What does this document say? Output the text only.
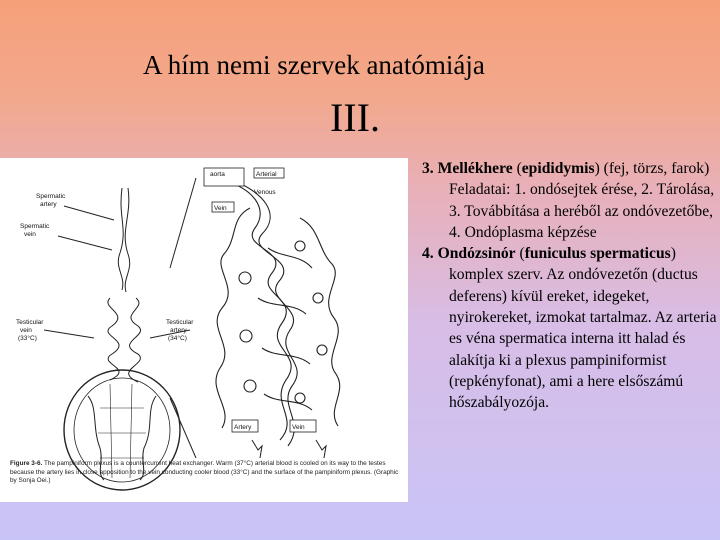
A hím nemi szervek anatómiája
III.
aorta	Arterial
Venous
Vein
Artery	Vein
Spermatic
artery
Spermatic
vein
Testicular
vein
(33°C)
Testicular
artery
(34°C)
Figure 3-6. The pampiniform plexus is a countercurrent heat exchanger. Warm (37°C) arterial blood is cooled on its way to the testes because the artery lies in close apposition to the vein conducting cooler blood (33°C) and the surface of the pampiniform plexus. (Graphic by Sonja Oei.)

3. Mellékhere (epididymis) (fej, törzs, farok) Feladatai: 1. ondósejtek érése, 2. Tárolása, 3. Továbbítása a heréből az ondóvezetőbe, 4. Ondóplasma képzése

4. Ondózsinór (funiculus spermaticus) komplex szerv. Az ondóvezetőn (ductus deferens) kívül ereket, idegeket, nyirokereket, izmokat tartalmaz. Az arteria es véna spermatica interna itt halad és alakítja ki a plexus pampiniformist (repkényfonat), ami a here elsőszámú hőszabályozója.
